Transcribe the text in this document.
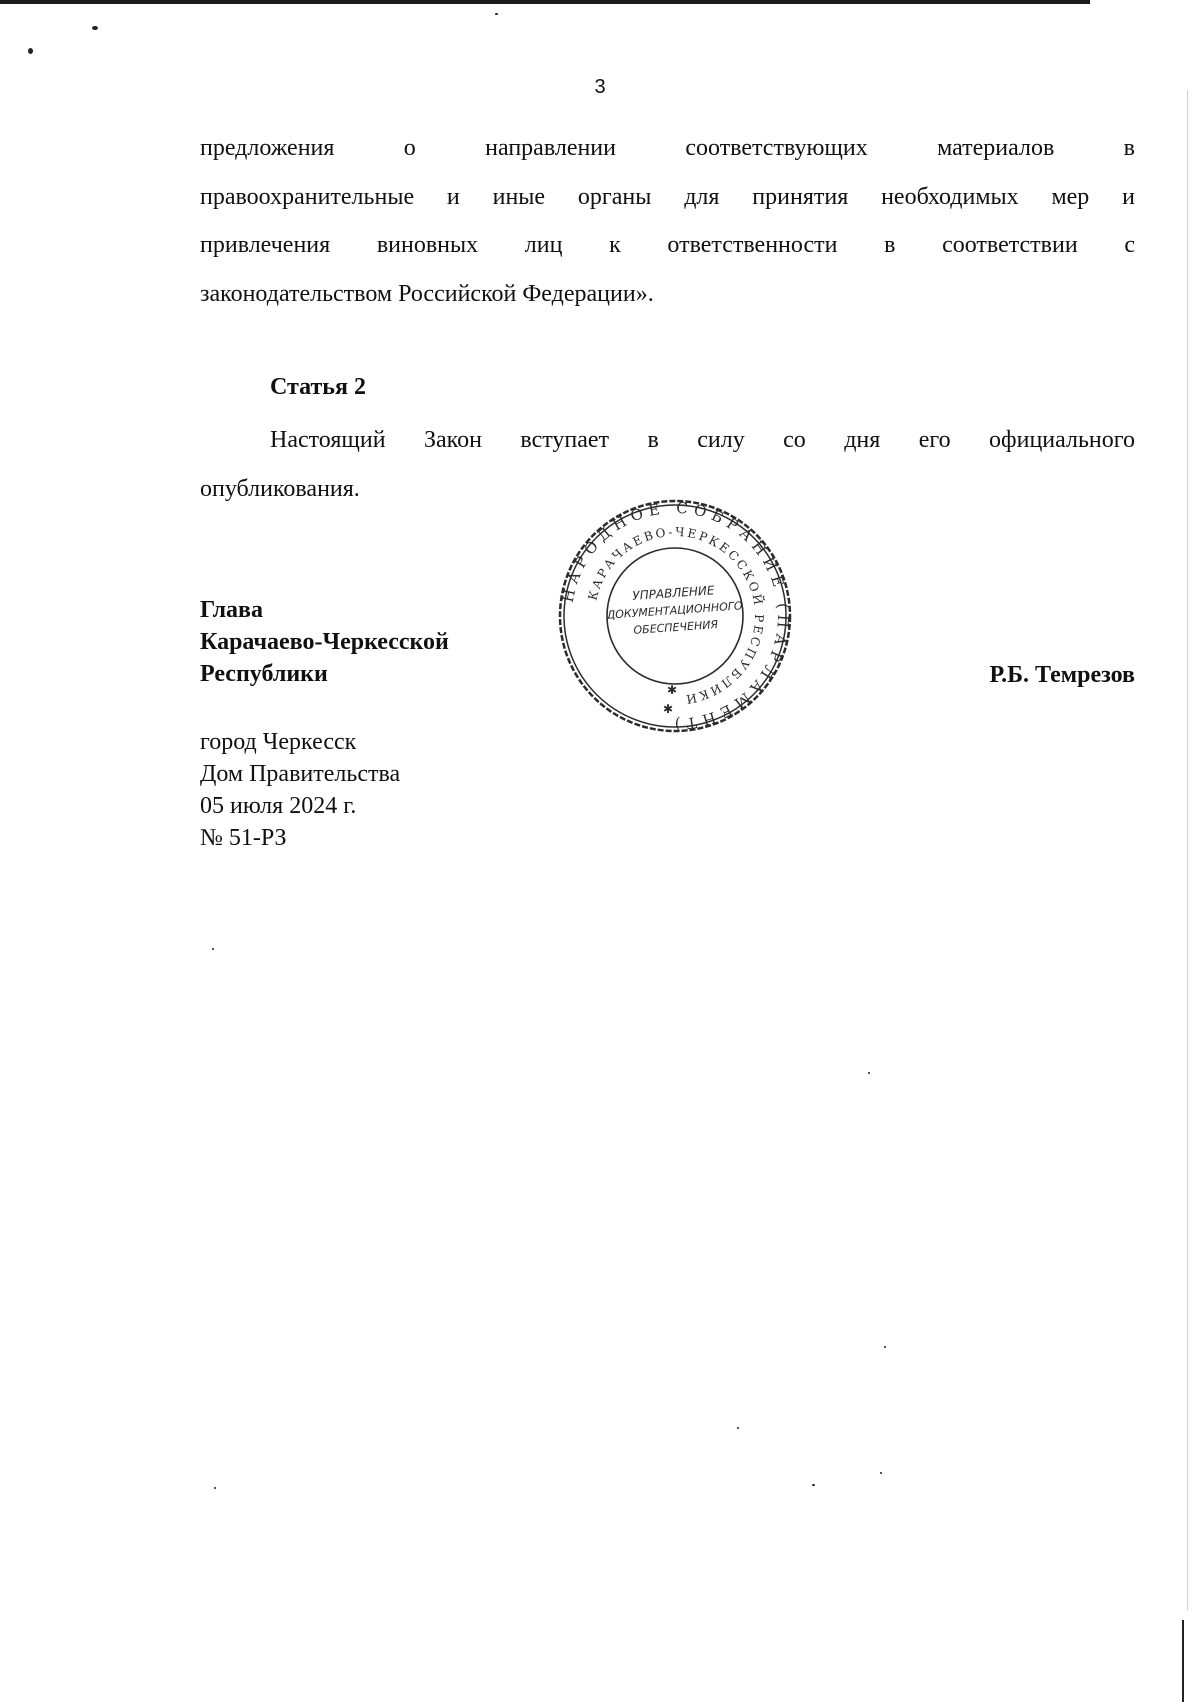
3
предложения о направлении соответствующих материалов в
правоохранительные и иные органы для принятия необходимых мер и
привлечения виновных лиц к ответственности в соответствии с
законодательством Российской Федерации».
Статья 2
Настоящий Закон вступает в силу со дня его официального
опубликования.
Глава
Карачаево-Черкесской
Республики	Р.Б. Темрезов
город Черкесск
Дом Правительства
05 июля 2024 г.
№ 51-РЗ
НАРОДНОЕ СОБРАНИЕ (ПАРЛАМЕНТ)
КАРАЧАЕВО-ЧЕРКЕССКОЙ РЕСПУБЛИКИ
УПРАВЛЕНИЕ
ДОКУМЕНТАЦИОННОГО
ОБЕСПЕЧЕНИЯ
✱
✱
